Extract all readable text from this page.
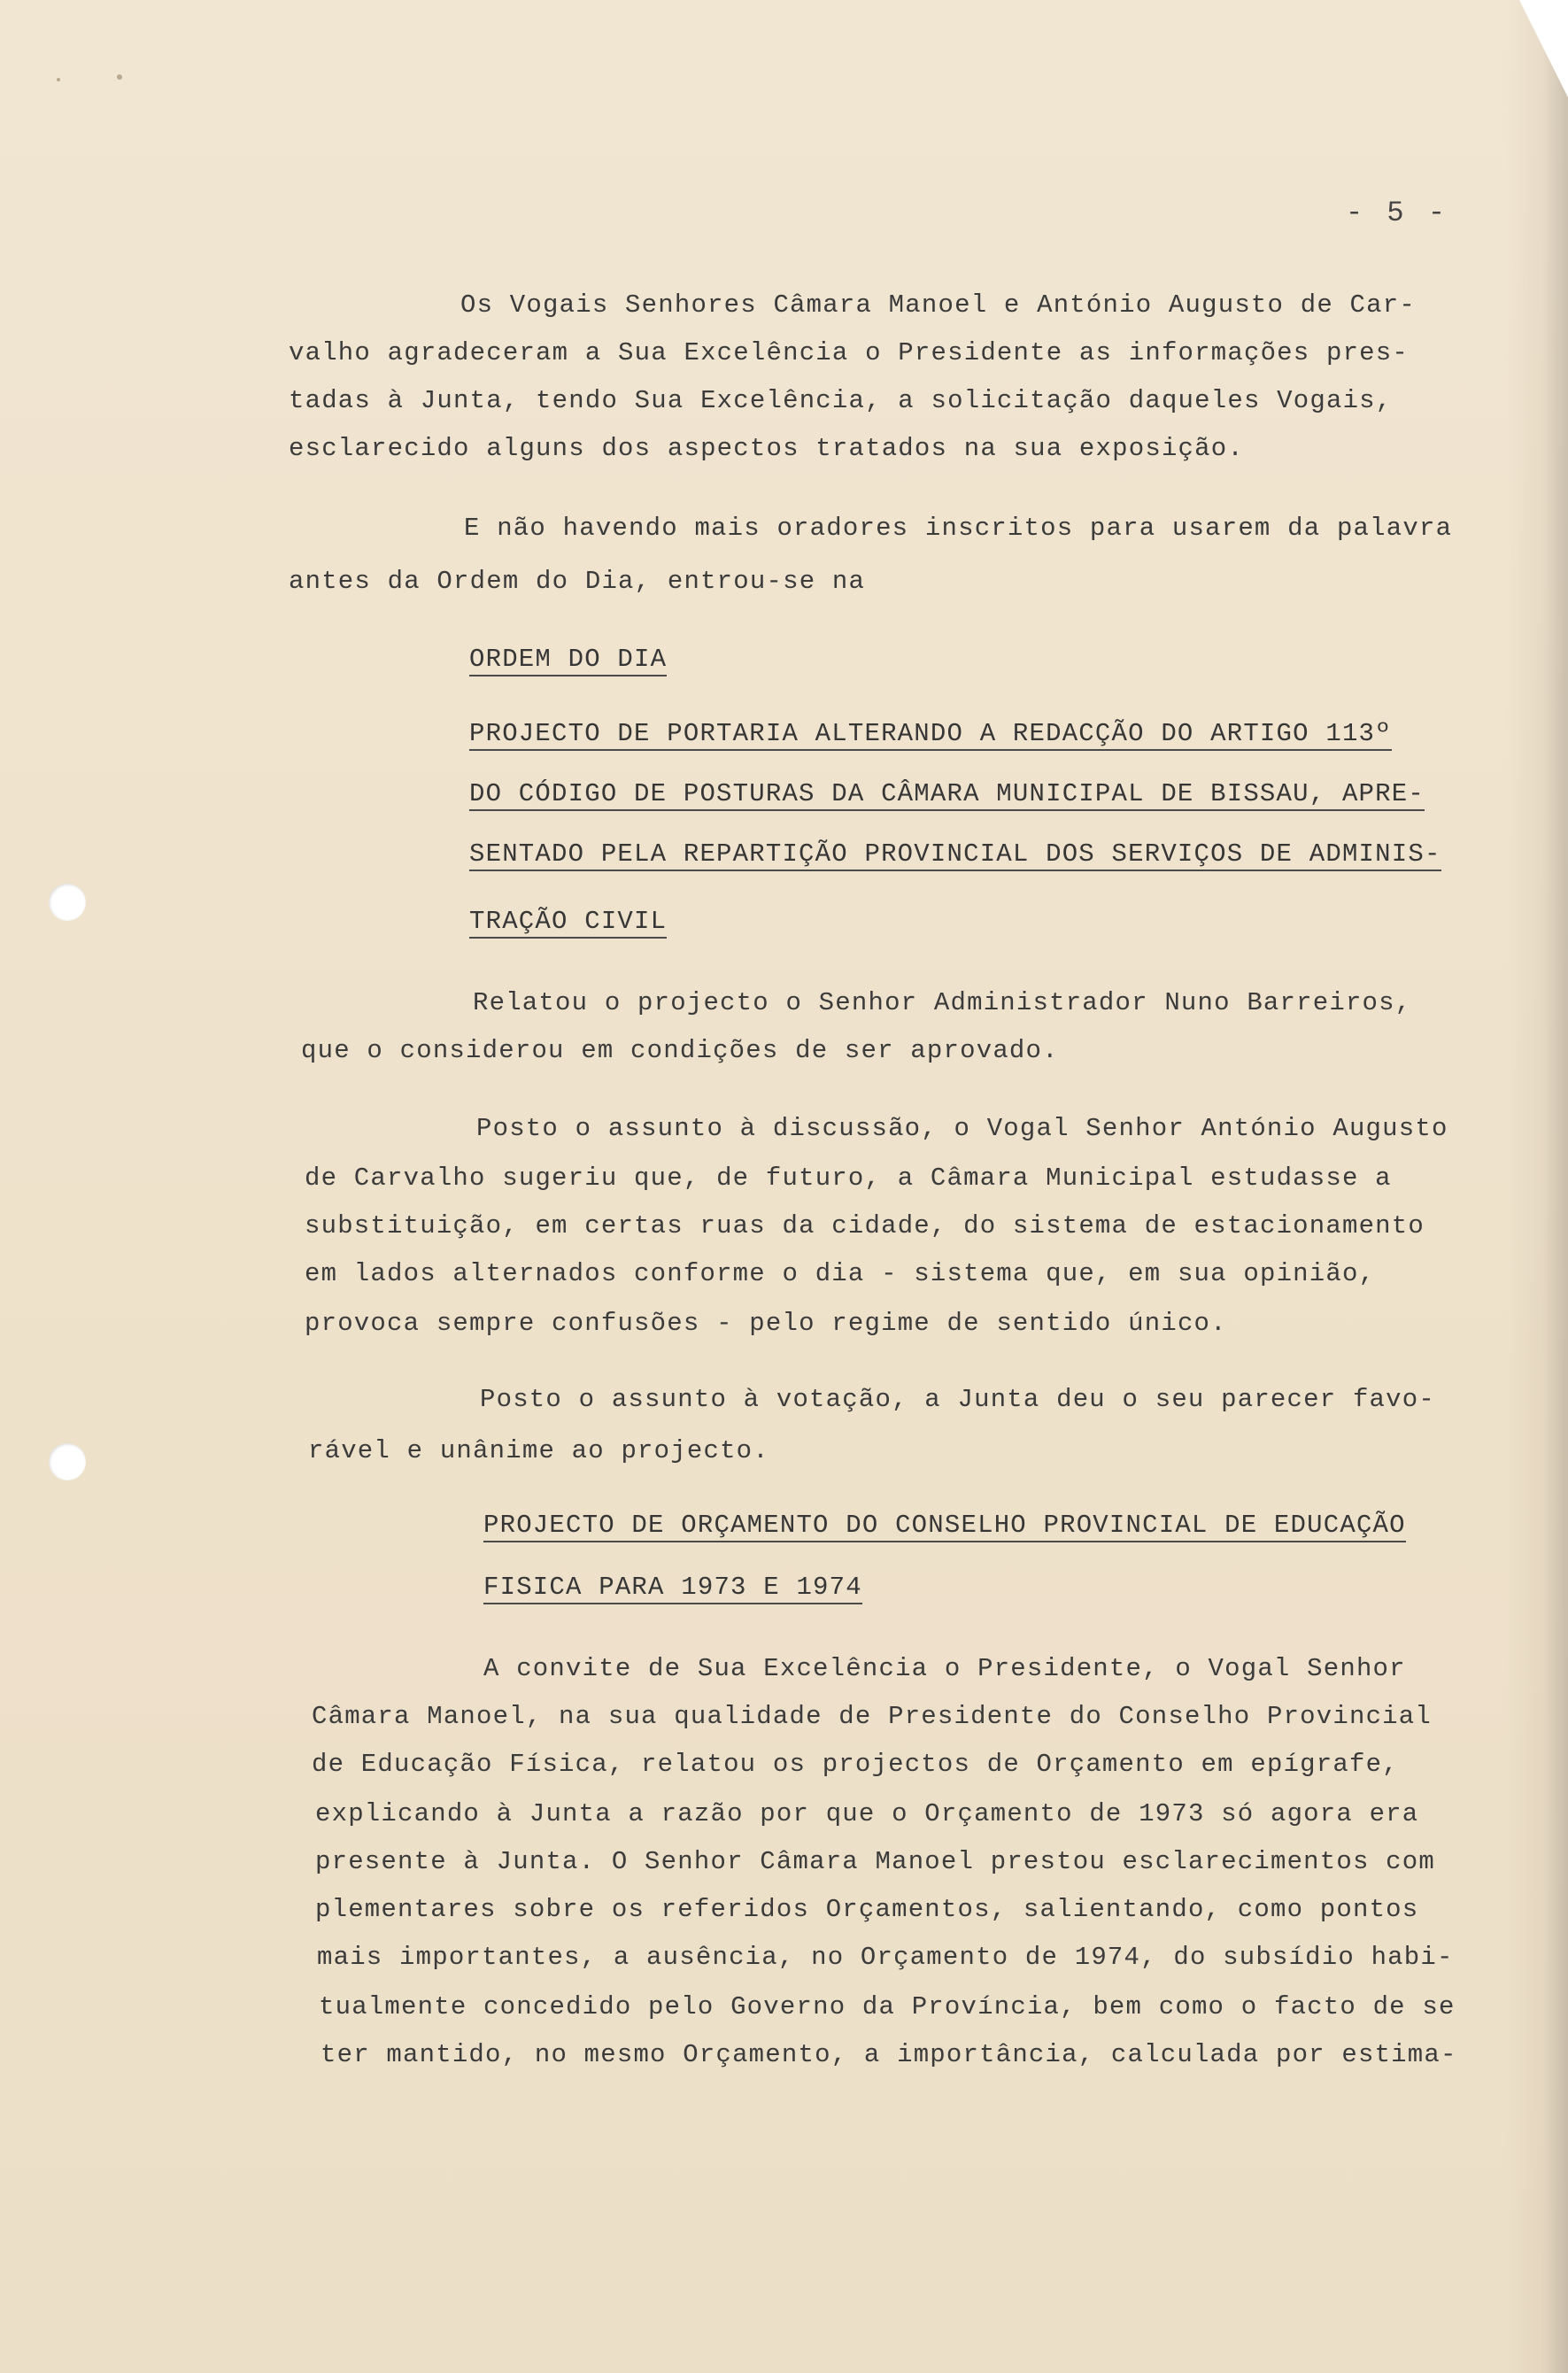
- 5 -
Os Vogais Senhores Câmara Manoel e António Augusto de Car-
valho agradeceram a Sua Excelência o Presidente as informações pres-
tadas à Junta, tendo Sua Excelência, a solicitação daqueles Vogais,
esclarecido alguns dos aspectos tratados na sua exposição.
E não havendo mais oradores inscritos para usarem da palavra
antes da Ordem do Dia, entrou-se na
ORDEM DO DIA
PROJECTO DE PORTARIA ALTERANDO A REDACÇÃO DO ARTIGO 113º
DO CÓDIGO DE POSTURAS DA CÂMARA MUNICIPAL DE BISSAU, APRE-
SENTADO PELA REPARTIÇÃO PROVINCIAL DOS SERVIÇOS DE ADMINIS-
TRAÇÃO CIVIL
Relatou o projecto o Senhor Administrador Nuno Barreiros,
que o considerou em condições de ser aprovado.
Posto o assunto à discussão, o Vogal Senhor António Augusto
de Carvalho sugeriu que, de futuro, a Câmara Municipal estudasse a
substituição, em certas ruas da cidade, do sistema de estacionamento
em lados alternados conforme o dia - sistema que, em sua opinião,
provoca sempre confusões - pelo regime de sentido único.
Posto o assunto à votação, a Junta deu o seu parecer favo-
rável e unânime ao projecto.
PROJECTO DE ORÇAMENTO DO CONSELHO PROVINCIAL DE EDUCAÇÃO
FISICA PARA 1973 E 1974
A convite de Sua Excelência o Presidente, o Vogal Senhor
Câmara Manoel, na sua qualidade de Presidente do Conselho Provincial
de Educação Física, relatou os projectos de Orçamento em epígrafe,
explicando à Junta a razão por que o Orçamento de 1973 só agora era
presente à Junta. O Senhor Câmara Manoel prestou esclarecimentos com
plementares sobre os referidos Orçamentos, salientando, como pontos
mais importantes, a ausência, no Orçamento de 1974, do subsídio habi-
tualmente concedido pelo Governo da Província, bem como o facto de se
ter mantido, no mesmo Orçamento, a importância, calculada por estima-
